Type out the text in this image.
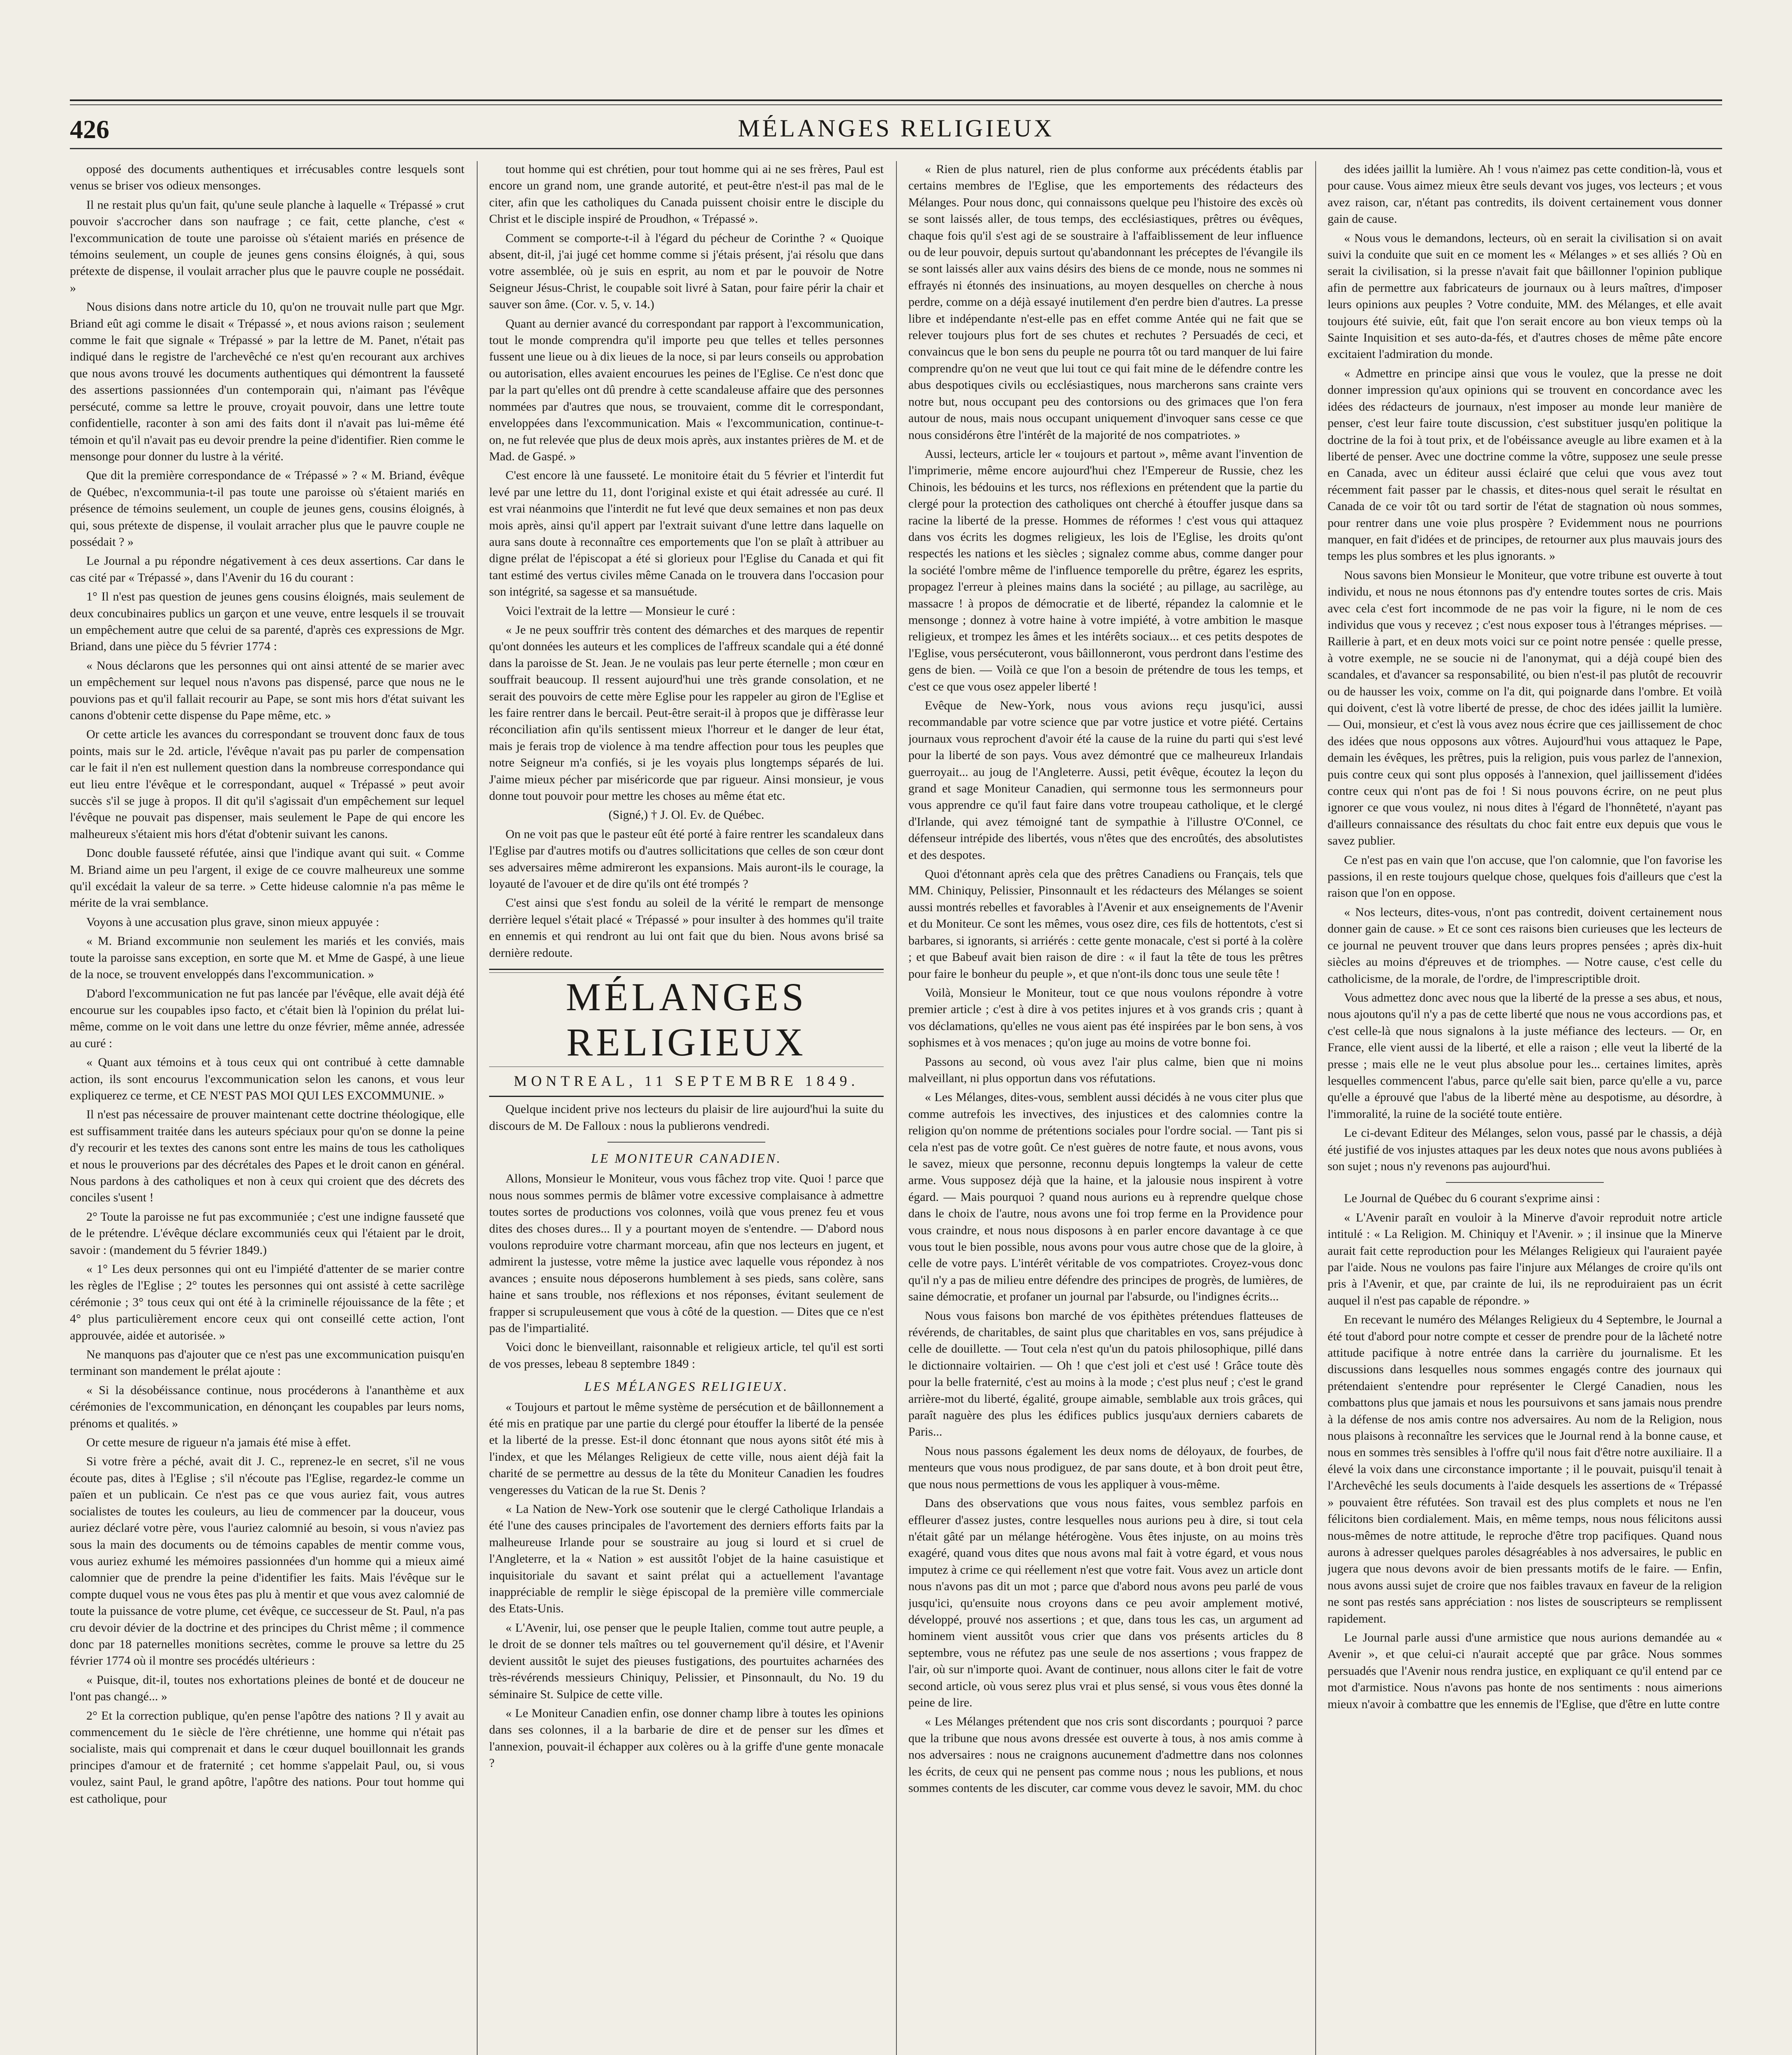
426	MÉLANGES RELIGIEUX

opposé des documents authentiques et irrécusables contre lesquels sont venus se briser vos odieux mensonges.

Il ne restait plus qu'un fait, qu'une seule planche à laquelle « Trépassé » crut pouvoir s'accrocher dans son naufrage ; ce fait, cette planche, c'est « l'excommunication de toute une paroisse où s'étaient mariés en présence de témoins seulement, un couple de jeunes gens consins éloignés, à qui, sous prétexte de dispense, il voulait arracher plus que le pauvre couple ne possédait. »

Nous disions dans notre article du 10, qu'on ne trouvait nulle part que Mgr. Briand eût agi comme le disait « Trépassé », et nous avions raison ; seulement comme le fait que signale « Trépassé » par la lettre de M. Panet, n'était pas indiqué dans le registre de l'archevêché ce n'est qu'en recourant aux archives que nous avons trouvé les documents authentiques qui démontrent la fausseté des assertions passionnées d'un contemporain qui, n'aimant pas l'évêque persécuté, comme sa lettre le prouve, croyait pouvoir, dans une lettre toute confidentielle, raconter à son ami des faits dont il n'avait pas lui-même été témoin et qu'il n'avait pas eu devoir prendre la peine d'identifier. Rien comme le mensonge pour donner du lustre à la vérité.

Que dit la première correspondance de « Trépassé » ? « M. Briand, évêque de Québec, n'excommunia-t-il pas toute une paroisse où s'étaient mariés en présence de témoins seulement, un couple de jeunes gens, cousins éloignés, à qui, sous prétexte de dispense, il voulait arracher plus que le pauvre couple ne possédait ? »

Le Journal a pu répondre négativement à ces deux assertions. Car dans le cas cité par « Trépassé », dans l'Avenir du 16 du courant :

1° Il n'est pas question de jeunes gens cousins éloignés, mais seulement de deux concubinaires publics un garçon et une veuve, entre lesquels il se trouvait un empêchement autre que celui de sa parenté, d'après ces expressions de Mgr. Briand, dans une pièce du 5 février 1774 :

« Nous déclarons que les personnes qui ont ainsi attenté de se marier avec un empêchement sur lequel nous n'avons pas dispensé, parce que nous ne le pouvions pas et qu'il fallait recourir au Pape, se sont mis hors d'état suivant les canons d'obtenir cette dispense du Pape même, etc. »

Or cette article les avances du correspondant se trouvent donc faux de tous points, mais sur le 2d. article, l'évêque n'avait pas pu parler de compensation car le fait il n'en est nullement question dans la nombreuse correspondance qui eut lieu entre l'évêque et le correspondant, auquel « Trépassé » peut avoir succès s'il se juge à propos. Il dit qu'il s'agissait d'un empêchement sur lequel l'évêque ne pouvait pas dispenser, mais seulement le Pape de qui encore les malheureux s'étaient mis hors d'état d'obtenir suivant les canons.

Donc double fausseté réfutée, ainsi que l'indique avant qui suit. « Comme M. Briand aime un peu l'argent, il exige de ce couvre malheureux une somme qu'il excédait la valeur de sa terre. » Cette hideuse calomnie n'a pas même le mérite de la vrai semblance.

Voyons à une accusation plus grave, sinon mieux appuyée :

« M. Briand excommunie non seulement les mariés et les conviés, mais toute la paroisse sans exception, en sorte que M. et Mme de Gaspé, à une lieue de la noce, se trouvent enveloppés dans l'excommunication. »

D'abord l'excommunication ne fut pas lancée par l'évêque, elle avait déjà été encourue sur les coupables ipso facto, et c'était bien là l'opinion du prélat lui-même, comme on le voit dans une lettre du onze février, même année, adressée au curé :

« Quant aux témoins et à tous ceux qui ont contribué à cette damnable action, ils sont encourus l'excommunication selon les canons, et vous leur expliquerez ce terme, et CE N'EST PAS MOI QUI LES EXCOMMUNIE. »

Il n'est pas nécessaire de prouver maintenant cette doctrine théologique, elle est suffisamment traitée dans les auteurs spéciaux pour qu'on se donne la peine d'y recourir et les textes des canons sont entre les mains de tous les catholiques et nous le prouverions par des décrétales des Papes et le droit canon en général. Nous pardons à des catholiques et non à ceux qui croient que des décrets des conciles s'usent !

2° Toute la paroisse ne fut pas excommuniée ; c'est une indigne fausseté que de le prétendre. L'évêque déclare excommuniés ceux qui l'étaient par le droit, savoir : (mandement du 5 février 1849.)

« 1° Les deux personnes qui ont eu l'impiété d'attenter de se marier contre les règles de l'Eglise ; 2° toutes les personnes qui ont assisté à cette sacrilège cérémonie ; 3° tous ceux qui ont été à la criminelle réjouissance de la fête ; et 4° plus particulièrement encore ceux qui ont conseillé cette action, l'ont approuvée, aidée et autorisée. »

Ne manquons pas d'ajouter que ce n'est pas une excommunication puisqu'en terminant son mandement le prélat ajoute :

« Si la désobéissance continue, nous procéderons à l'ananthème et aux cérémonies de l'excommunication, en dénonçant les coupables par leurs noms, prénoms et qualités. »

Or cette mesure de rigueur n'a jamais été mise à effet.

Si votre frère a péché, avait dit J. C., reprenez-le en secret, s'il ne vous écoute pas, dites à l'Eglise ; s'il n'écoute pas l'Eglise, regardez-le comme un païen et un publicain. Ce n'est pas ce que vous auriez fait, vous autres socialistes de toutes les couleurs, au lieu de commencer par la douceur, vous auriez déclaré votre père, vous l'auriez calomnié au besoin, si vous n'aviez pas sous la main des documents ou de témoins capables de mentir comme vous, vous auriez exhumé les mémoires passionnées d'un homme qui a mieux aimé calomnier que de prendre la peine d'identifier les faits. Mais l'évêque sur le compte duquel vous ne vous êtes pas plu à mentir et que vous avez calomnié de toute la puissance de votre plume, cet évêque, ce successeur de St. Paul, n'a pas cru devoir dévier de la doctrine et des principes du Christ même ; il commence donc par 18 paternelles monitions secrètes, comme le prouve sa lettre du 25 février 1774 où il montre ses procédés ultérieurs :

« Puisque, dit-il, toutes nos exhortations pleines de bonté et de douceur ne l'ont pas changé... »

2° Et la correction publique, qu'en pense l'apôtre des nations ? Il y avait au commencement du 1e siècle de l'ère chrétienne, une homme qui n'était pas socialiste, mais qui comprenait et dans le cœur duquel bouillonnait les grands principes d'amour et de fraternité ; cet homme s'appelait Paul, ou, si vous voulez, saint Paul, le grand apôtre, l'apôtre des nations. Pour tout homme qui est catholique, pour

tout homme qui est chrétien, pour tout homme qui ai ne ses frères, Paul est encore un grand nom, une grande autorité, et peut-être n'est-il pas mal de le citer, afin que les catholiques du Canada puissent choisir entre le disciple du Christ et le disciple inspiré de Proudhon, « Trépassé ».

Comment se comporte-t-il à l'égard du pécheur de Corinthe ? « Quoique absent, dit-il, j'ai jugé cet homme comme si j'étais présent, j'ai résolu que dans votre assemblée, où je suis en esprit, au nom et par le pouvoir de Notre Seigneur Jésus-Christ, le coupable soit livré à Satan, pour faire périr la chair et sauver son âme. (Cor. v. 5, v. 14.)

Quant au dernier avancé du correspondant par rapport à l'excommunication, tout le monde comprendra qu'il importe peu que telles et telles personnes fussent une lieue ou à dix lieues de la noce, si par leurs conseils ou approbation ou autorisation, elles avaient encourues les peines de l'Eglise. Ce n'est donc que par la part qu'elles ont dû prendre à cette scandaleuse affaire que des personnes nommées par d'autres que nous, se trouvaient, comme dit le correspondant, enveloppées dans l'excommunication. Mais « l'excommunication, continue-t-on, ne fut relevée que plus de deux mois après, aux instantes prières de M. et de Mad. de Gaspé. »

C'est encore là une fausseté. Le monitoire était du 5 février et l'interdit fut levé par une lettre du 11, dont l'original existe et qui était adressée au curé. Il est vrai néanmoins que l'interdit ne fut levé que deux semaines et non pas deux mois après, ainsi qu'il appert par l'extrait suivant d'une lettre dans laquelle on aura sans doute à reconnaître ces emportements que l'on se plaît à attribuer au digne prélat de l'épiscopat a été si glorieux pour l'Eglise du Canada et qui fit tant estimé des vertus civiles même Canada on le trouvera dans l'occasion pour son intégrité, sa sagesse et sa mansuétude.

Voici l'extrait de la lettre — Monsieur le curé :

« Je ne peux souffrir très content des démarches et des marques de repentir qu'ont données les auteurs et les complices de l'affreux scandale qui a été donné dans la paroisse de St. Jean. Je ne voulais pas leur perte éternelle ; mon cœur en souffrait beaucoup. Il ressent aujourd'hui une très grande consolation, et ne serait des pouvoirs de cette mère Eglise pour les rappeler au giron de l'Eglise et les faire rentrer dans le bercail. Peut-être serait-il à propos que je diffèrasse leur réconciliation afin qu'ils sentissent mieux l'horreur et le danger de leur état, mais je ferais trop de violence à ma tendre affection pour tous les peuples que notre Seigneur m'a confiés, si je les voyais plus longtemps séparés de lui. J'aime mieux pécher par miséricorde que par rigueur. Ainsi monsieur, je vous donne tout pouvoir pour mettre les choses au même état etc.

(Signé,) † J. Ol. Ev. de Québec.

On ne voit pas que le pasteur eût été porté à faire rentrer les scandaleux dans l'Eglise par d'autres motifs ou d'autres sollicitations que celles de son cœur dont ses adversaires même admireront les expansions. Mais auront-ils le courage, la loyauté de l'avouer et de dire qu'ils ont été trompés ?

C'est ainsi que s'est fondu au soleil de la vérité le rempart de mensonge derrière lequel s'était placé « Trépassé » pour insulter à des hommes qu'il traite en ennemis et qui rendront au lui ont fait que du bien. Nous avons brisé sa dernière redoute.

MÉLANGES RELIGIEUX
MONTREAL, 11 SEPTEMBRE 1849.

Quelque incident prive nos lecteurs du plaisir de lire aujourd'hui la suite du discours de M. De Falloux : nous la publierons vendredi.

LE MONITEUR CANADIEN.

Allons, Monsieur le Moniteur, vous vous fâchez trop vite. Quoi ! parce que nous nous sommes permis de blâmer votre excessive complaisance à admettre toutes sortes de productions vos colonnes, voilà que vous prenez feu et vous dites des choses dures... Il y a pourtant moyen de s'entendre. — D'abord nous voulons reproduire votre charmant morceau, afin que nos lecteurs en jugent, et admirent la justesse, votre même la justice avec laquelle vous répondez à nos avances ; ensuite nous déposerons humblement à ses pieds, sans colère, sans haine et sans trouble, nos réflexions et nos réponses, évitant seulement de frapper si scrupuleusement que vous à côté de la question. — Dites que ce n'est pas de l'impartialité.

Voici donc le bienveillant, raisonnable et religieux article, tel qu'il est sorti de vos presses, lebeau 8 septembre 1849 :

LES MÉLANGES RELIGIEUX.

« Toujours et partout le même système de persécution et de bâillonnement a été mis en pratique par une partie du clergé pour étouffer la liberté de la pensée et la liberté de la presse. Est-il donc étonnant que nous ayons sitôt été mis à l'index, et que les Mélanges Religieux de cette ville, nous aient déjà fait la charité de se permettre au dessus de la tête du Moniteur Canadien les foudres vengeresses du Vatican de la rue St. Denis ?

« La Nation de New-York ose soutenir que le clergé Catholique Irlandais a été l'une des causes principales de l'avortement des derniers efforts faits par la malheureuse Irlande pour se soustraire au joug si lourd et si cruel de l'Angleterre, et la « Nation » est aussitôt l'objet de la haine casuistique et inquisitoriale du savant et saint prélat qui a actuellement l'avantage inappréciable de remplir le siège épiscopal de la première ville commerciale des Etats-Unis.

« L'Avenir, lui, ose penser que le peuple Italien, comme tout autre peuple, a le droit de se donner tels maîtres ou tel gouvernement qu'il désire, et l'Avenir devient aussitôt le sujet des pieuses fustigations, des pourtuites acharnées des très-révérends messieurs Chiniquy, Pelissier, et Pinsonnault, du No. 19 du séminaire St. Sulpice de cette ville.

« Le Moniteur Canadien enfin, ose donner champ libre à toutes les opinions dans ses colonnes, il a la barbarie de dire et de penser sur les dîmes et l'annexion, pouvait-il échapper aux colères ou à la griffe d'une gente monacale ?

« Rien de plus naturel, rien de plus conforme aux précédents établis par certains membres de l'Eglise, que les emportements des rédacteurs des Mélanges. Pour nous donc, qui connaissons quelque peu l'histoire des excès où se sont laissés aller, de tous temps, des ecclésiastiques, prêtres ou évêques, chaque fois qu'il s'est agi de se soustraire à l'affaiblissement de leur influence ou de leur pouvoir, depuis surtout qu'abandonnant les préceptes de l'évangile ils se sont laissés aller aux vains désirs des biens de ce monde, nous ne sommes ni effrayés ni étonnés des insinuations, au moyen desquelles on cherche à nous perdre, comme on a déjà essayé inutilement d'en perdre bien d'autres. La presse libre et indépendante n'est-elle pas en effet comme Antée qui ne fait que se relever toujours plus fort de ses chutes et rechutes ? Persuadés de ceci, et convaincus que le bon sens du peuple ne pourra tôt ou tard manquer de lui faire comprendre qu'on ne veut que lui tout ce qui fait mine de le défendre contre les abus despotiques civils ou ecclésiastiques, nous marcherons sans crainte vers notre but, nous occupant peu des contorsions ou des grimaces que l'on fera autour de nous, mais nous occupant uniquement d'invoquer sans cesse ce que nous considérons être l'intérêt de la majorité de nos compatriotes. »

Aussi, lecteurs, article ler « toujours et partout », même avant l'invention de l'imprimerie, même encore aujourd'hui chez l'Empereur de Russie, chez les Chinois, les bédouins et les turcs, nos réflexions en prétendent que la partie du clergé pour la protection des catholiques ont cherché à étouffer jusque dans sa racine la liberté de la presse. Hommes de réformes ! c'est vous qui attaquez dans vos écrits les dogmes religieux, les lois de l'Eglise, les droits qu'ont respectés les nations et les siècles ; signalez comme abus, comme danger pour la société l'ombre même de l'influence temporelle du prêtre, égarez les esprits, propagez l'erreur à pleines mains dans la société ; au pillage, au sacrilège, au massacre ! à propos de démocratie et de liberté, répandez la calomnie et le mensonge ; donnez à votre haine à votre impiété, à votre ambition le masque religieux, et trompez les âmes et les intérêts sociaux... et ces petits despotes de l'Eglise, vous persécuteront, vous bâillonneront, vous perdront dans l'estime des gens de bien. — Voilà ce que l'on a besoin de prétendre de tous les temps, et c'est ce que vous osez appeler liberté !

Evêque de New-York, nous vous avions reçu jusqu'ici, aussi recommandable par votre science que par votre justice et votre piété. Certains journaux vous reprochent d'avoir été la cause de la ruine du parti qui s'est levé pour la liberté de son pays. Vous avez démontré que ce malheureux Irlandais guerroyait... au joug de l'Angleterre. Aussi, petit évêque, écoutez la leçon du grand et sage Moniteur Canadien, qui sermonne tous les sermonneurs pour vous apprendre ce qu'il faut faire dans votre troupeau catholique, et le clergé d'Irlande, qui avez témoigné tant de sympathie à l'illustre O'Connel, ce défenseur intrépide des libertés, vous n'êtes que des encroûtés, des absolutistes et des despotes.

Quoi d'étonnant après cela que des prêtres Canadiens ou Français, tels que MM. Chiniquy, Pelissier, Pinsonnault et les rédacteurs des Mélanges se soient aussi montrés rebelles et favorables à l'Avenir et aux enseignements de l'Avenir et du Moniteur. Ce sont les mêmes, vous osez dire, ces fils de hottentots, c'est si barbares, si ignorants, si arriérés : cette gente monacale, c'est si porté à la colère ; et que Babeuf avait bien raison de dire : « il faut la tête de tous les prêtres pour faire le bonheur du peuple », et que n'ont-ils donc tous une seule tête !

Voilà, Monsieur le Moniteur, tout ce que nous voulons répondre à votre premier article ; c'est à dire à vos petites injures et à vos grands cris ; quant à vos déclamations, qu'elles ne vous aient pas été inspirées par le bon sens, à vos sophismes et à vos menaces ; qu'on juge au moins de votre bonne foi.

Passons au second, où vous avez l'air plus calme, bien que ni moins malveillant, ni plus opportun dans vos réfutations.

« Les Mélanges, dites-vous, semblent aussi décidés à ne vous citer plus que comme autrefois les invectives, des injustices et des calomnies contre la religion qu'on nomme de prétentions sociales pour l'ordre social. — Tant pis si cela n'est pas de votre goût. Ce n'est guères de notre faute, et nous avons, vous le savez, mieux que personne, reconnu depuis longtemps la valeur de cette arme. Vous supposez déjà que la haine, et la jalousie nous inspirent à votre égard. — Mais pourquoi ? quand nous aurions eu à reprendre quelque chose dans le choix de l'autre, nous avons une foi trop ferme en la Providence pour vous craindre, et nous nous disposons à en parler encore davantage à ce que vous tout le bien possible, nous avons pour vous autre chose que de la gloire, à celle de votre pays. L'intérêt véritable de vos compatriotes. Croyez-vous donc qu'il n'y a pas de milieu entre défendre des principes de progrès, de lumières, de saine démocratie, et profaner un journal par l'absurde, ou l'indignes écrits...

Nous vous faisons bon marché de vos épithètes prétendues flatteuses de révérends, de charitables, de saint plus que charitables en vos, sans préjudice à celle de douillette. — Tout cela n'est qu'un du patois philosophique, pillé dans le dictionnaire voltairien. — Oh ! que c'est joli et c'est usé ! Grâce toute dès pour la belle fraternité, c'est au moins à la mode ; c'est plus neuf ; c'est le grand arrière-mot du liberté, égalité, groupe aimable, semblable aux trois grâces, qui paraît naguère des plus les édifices publics jusqu'aux derniers cabarets de Paris...

Nous nous passons également les deux noms de déloyaux, de fourbes, de menteurs que vous nous prodiguez, de par sans doute, et à bon droit peut être, que nous nous permettions de vous les appliquer à vous-même.

Dans des observations que vous nous faites, vous semblez parfois en effleurer d'assez justes, contre lesquelles nous aurions peu à dire, si tout cela n'était gâté par un mélange hétérogène. Vous êtes injuste, on au moins très exagéré, quand vous dites que nous avons mal fait à votre égard, et vous nous imputez à crime ce qui réellement n'est que votre fait. Vous avez un article dont nous n'avons pas dit un mot ; parce que d'abord nous avons peu parlé de vous jusqu'ici, qu'ensuite nous croyons dans ce peu avoir amplement motivé, développé, prouvé nos assertions ; et que, dans tous les cas, un argument ad hominem vient aussitôt vous crier que dans vos présents articles du 8 septembre, vous ne réfutez pas une seule de nos assertions ; vous frappez de l'air, où sur n'importe quoi. Avant de continuer, nous allons citer le fait de votre second article, où vous serez plus vrai et plus sensé, si vous vous êtes donné la peine de lire.

« Les Mélanges prétendent que nos cris sont discordants ; pourquoi ? parce que la tribune que nous avons dressée est ouverte à tous, à nos amis comme à nos adversaires : nous ne craignons aucunement d'admettre dans nos colonnes les écrits, de ceux qui ne pensent pas comme nous ; nous les publions, et nous sommes contents de les discuter, car comme vous devez le savoir, MM. du choc

des idées jaillit la lumière. Ah ! vous n'aimez pas cette condition-là, vous et pour cause. Vous aimez mieux être seuls devant vos juges, vos lecteurs ; et vous avez raison, car, n'étant pas contredits, ils doivent certainement vous donner gain de cause.

« Nous vous le demandons, lecteurs, où en serait la civilisation si on avait suivi la conduite que suit en ce moment les « Mélanges » et ses alliés ? Où en serait la civilisation, si la presse n'avait fait que bâillonner l'opinion publique afin de permettre aux fabricateurs de journaux ou à leurs maîtres, d'imposer leurs opinions aux peuples ? Votre conduite, MM. des Mélanges, et elle avait toujours été suivie, eût, fait que l'on serait encore au bon vieux temps où la Sainte Inquisition et ses auto-da-fés, et d'autres choses de même pâte encore excitaient l'admiration du monde.

« Admettre en principe ainsi que vous le voulez, que la presse ne doit donner impression qu'aux opinions qui se trouvent en concordance avec les idées des rédacteurs de journaux, n'est imposer au monde leur manière de penser, c'est leur faire toute discussion, c'est substituer jusqu'en politique la doctrine de la foi à tout prix, et de l'obéissance aveugle au libre examen et à la liberté de penser. Avec une doctrine comme la vôtre, supposez une seule presse en Canada, avec un éditeur aussi éclairé que celui que vous avez tout récemment fait passer par le chassis, et dites-nous quel serait le résultat en Canada de ce voir tôt ou tard sortir de l'état de stagnation où nous sommes, pour rentrer dans une voie plus prospère ? Evidemment nous ne pourrions manquer, en fait d'idées et de principes, de retourner aux plus mauvais jours des temps les plus sombres et les plus ignorants. »

Nous savons bien Monsieur le Moniteur, que votre tribune est ouverte à tout individu, et nous ne nous étonnons pas d'y entendre toutes sortes de cris. Mais avec cela c'est fort incommode de ne pas voir la figure, ni le nom de ces individus que vous y recevez ; c'est nous exposer tous à l'étranges méprises. — Raillerie à part, et en deux mots voici sur ce point notre pensée : quelle presse, à votre exemple, ne se soucie ni de l'anonymat, qui a déjà coupé bien des scandales, et d'avancer sa responsabilité, ou bien n'est-il pas plutôt de recouvrir ou de hausser les voix, comme on l'a dit, qui poignarde dans l'ombre. Et voilà qui doivent, c'est là votre liberté de presse, de choc des idées jaillit la lumière. — Oui, monsieur, et c'est là vous avez nous écrire que ces jaillissement de choc des idées que nous opposons aux vôtres. Aujourd'hui vous attaquez le Pape, demain les évêques, les prêtres, puis la religion, puis vous parlez de l'annexion, puis contre ceux qui sont plus opposés à l'annexion, quel jaillissement d'idées contre ceux qui n'ont pas de foi ! Si nous pouvons écrire, on ne peut plus ignorer ce que vous voulez, ni nous dites à l'égard de l'honnêteté, n'ayant pas d'ailleurs connaissance des résultats du choc fait entre eux depuis que vous le savez publier.

Ce n'est pas en vain que l'on accuse, que l'on calomnie, que l'on favorise les passions, il en reste toujours quelque chose, quelques fois d'ailleurs que c'est la raison que l'on en oppose.

« Nos lecteurs, dites-vous, n'ont pas contredit, doivent certainement nous donner gain de cause. » Et ce sont ces raisons bien curieuses que les lecteurs de ce journal ne peuvent trouver que dans leurs propres pensées ; après dix-huit siècles au moins d'épreuves et de triomphes. — Notre cause, c'est celle du catholicisme, de la morale, de l'ordre, de l'imprescriptible droit.

Vous admettez donc avec nous que la liberté de la presse a ses abus, et nous, nous ajoutons qu'il n'y a pas de cette liberté que nous ne vous accordions pas, et c'est celle-là que nous signalons à la juste méfiance des lecteurs. — Or, en France, elle vient aussi de la liberté, et elle a raison ; elle veut la liberté de la presse ; mais elle ne le veut plus absolue pour les... certaines limites, après lesquelles commencent l'abus, parce qu'elle sait bien, parce qu'elle a vu, parce qu'elle a éprouvé que l'abus de la liberté mène au despotisme, au désordre, à l'immoralité, la ruine de la société toute entière.

Le ci-devant Editeur des Mélanges, selon vous, passé par le chassis, a déjà été justifié de vos injustes attaques par les deux notes que nous avons publiées à son sujet ; nous n'y revenons pas aujourd'hui.

Le Journal de Québec du 6 courant s'exprime ainsi :

« L'Avenir paraît en vouloir à la Minerve d'avoir reproduit notre article intitulé : « La Religion. M. Chiniquy et l'Avenir. » ; il insinue que la Minerve aurait fait cette reproduction pour les Mélanges Religieux qui l'auraient payée par l'aide. Nous ne voulons pas faire l'injure aux Mélanges de croire qu'ils ont pris à l'Avenir, et que, par crainte de lui, ils ne reproduiraient pas un écrit auquel il n'est pas capable de répondre. »

En recevant le numéro des Mélanges Religieux du 4 Septembre, le Journal a été tout d'abord pour notre compte et cesser de prendre pour de la lâcheté notre attitude pacifique à notre entrée dans la carrière du journalisme. Et les discussions dans lesquelles nous sommes engagés contre des journaux qui prétendaient s'entendre pour représenter le Clergé Canadien, nous les combattons plus que jamais et nous les poursuivons et sans jamais nous prendre à la défense de nos amis contre nos adversaires. Au nom de la Religion, nous nous plaisons à reconnaître les services que le Journal rend à la bonne cause, et nous en sommes très sensibles à l'offre qu'il nous fait d'être notre auxiliaire. Il a élevé la voix dans une circonstance importante ; il le pouvait, puisqu'il tenait à l'Archevêché les seuls documents à l'aide desquels les assertions de « Trépassé » pouvaient être réfutées. Son travail est des plus complets et nous ne l'en félicitons bien cordialement. Mais, en même temps, nous nous félicitons aussi nous-mêmes de notre attitude, le reproche d'être trop pacifiques. Quand nous aurons à adresser quelques paroles désagréables à nos adversaires, le public en jugera que nous devons avoir de bien pressants motifs de le faire. — Enfin, nous avons aussi sujet de croire que nos faibles travaux en faveur de la religion ne sont pas restés sans appréciation : nos listes de souscripteurs se remplissent rapidement.

Le Journal parle aussi d'une armistice que nous aurions demandée au « Avenir », et que celui-ci n'aurait accepté que par grâce. Nous sommes persuadés que l'Avenir nous rendra justice, en expliquant ce qu'il entend par ce mot d'armistice. Nous n'avons pas honte de nos sentiments : nous aimerions mieux n'avoir à combattre que les ennemis de l'Eglise, que d'être en lutte contre
